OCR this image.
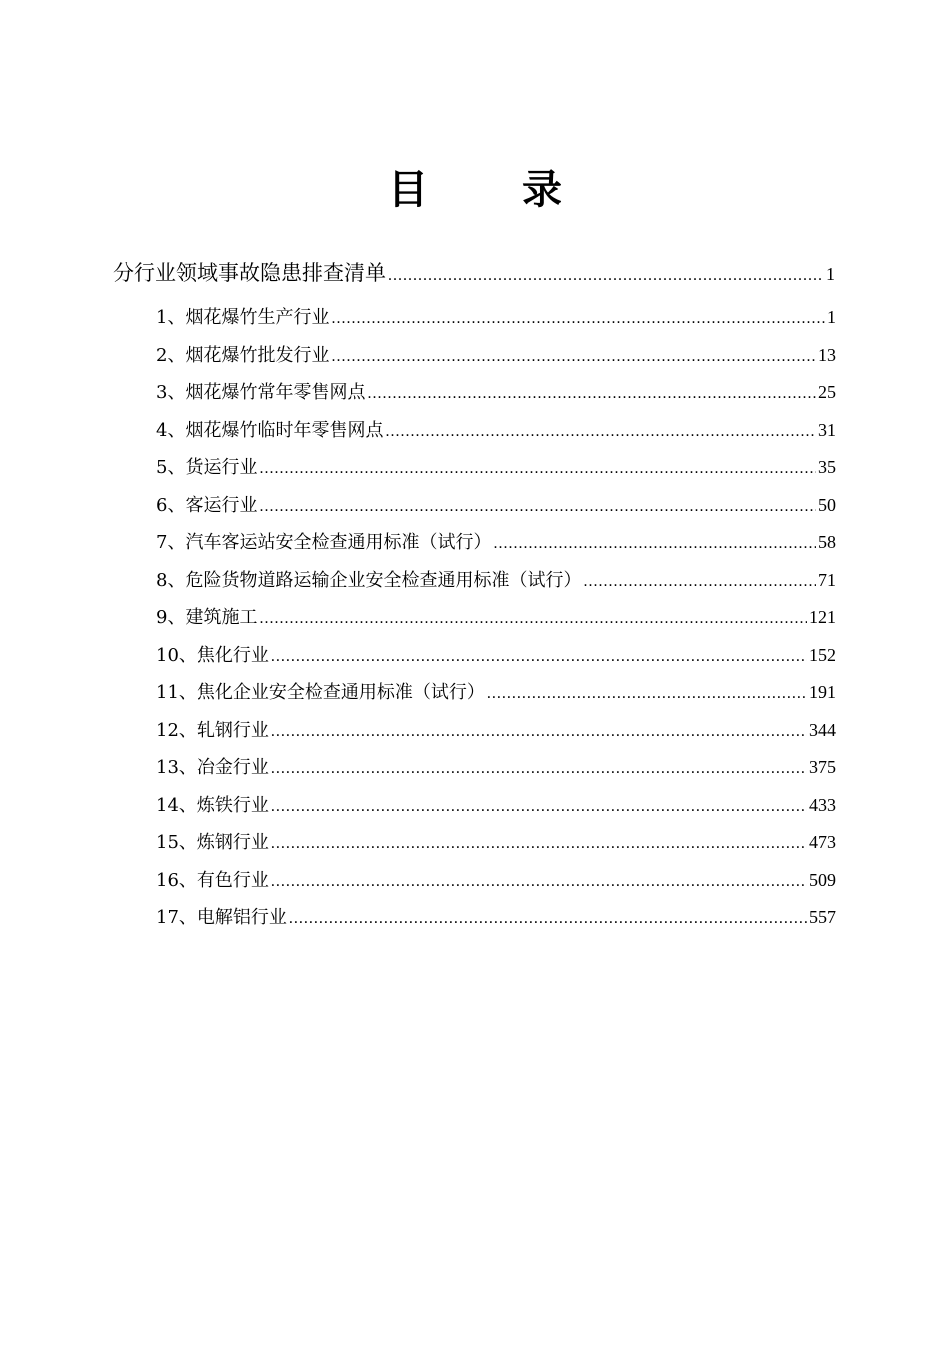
目 录
分行业领域事故隐患排查清单 .....	1
1、烟花爆竹生产行业 .....	1
2、烟花爆竹批发行业 .....	13
3、烟花爆竹常年零售网点 .....	25
4、烟花爆竹临时年零售网点 .....	31
5、货运行业 .....	35
6、客运行业 .....	50
7、汽车客运站安全检查通用标准（试行） .....	58
8、危险货物道路运输企业安全检查通用标准（试行） .....	71
9、建筑施工 .....	121
10、焦化行业 .....	152
11、焦化企业安全检查通用标准（试行） .....	191
12、轧钢行业 .....	344
13、冶金行业 .....	375
14、炼铁行业 .....	433
15、炼钢行业 .....	473
16、有色行业 .....	509
17、电解铝行业 .....	557
